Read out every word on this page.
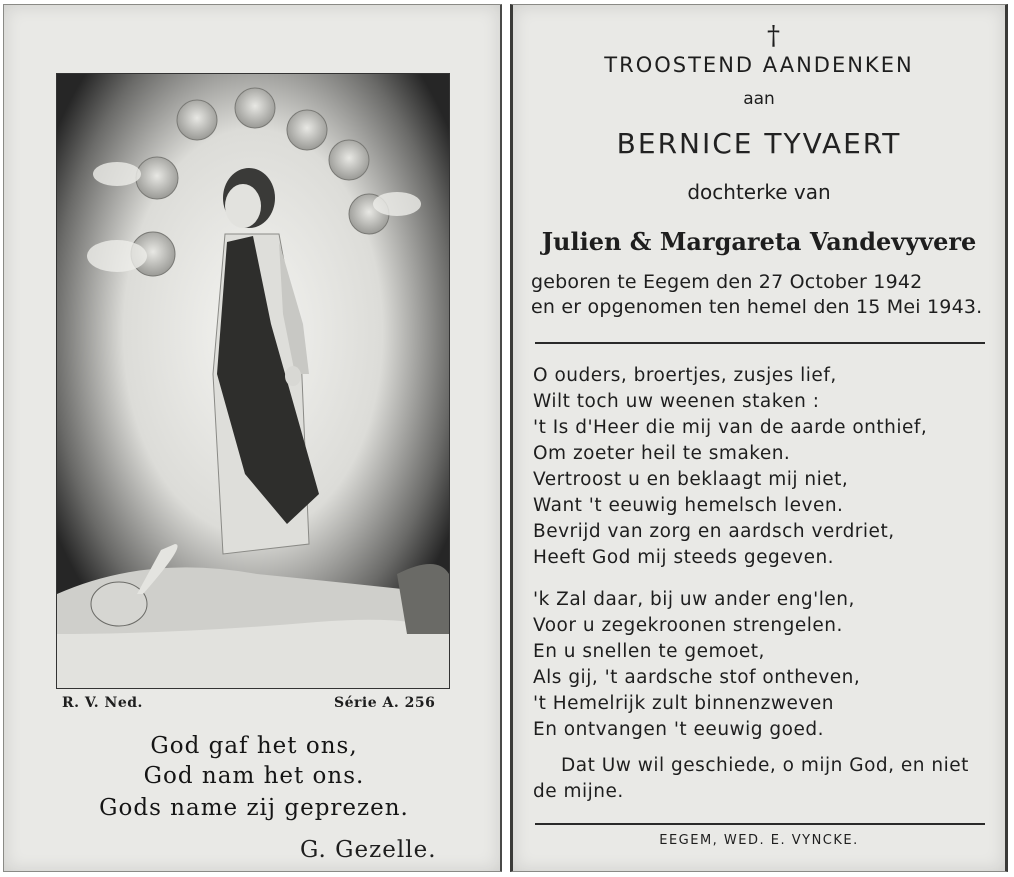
R. V. Ned.	Série A. 256
God gaf het ons,
God nam het ons.
Gods name zij geprezen.
G. Gezelle.
†
TROOSTEND AANDENKEN
aan
BERNICE TYVAERT
dochterke van
Julien & Margareta Vandevyvere
geboren te Eegem den 27 October 1942
en er opgenomen ten hemel den 15 Mei 1943.
O ouders, broertjes, zusjes lief,
Wilt toch uw weenen staken :
't Is d'Heer die mij van de aarde onthief,
Om zoeter heil te smaken.
Vertroost u en beklaagt mij niet,
Want 't eeuwig hemelsch leven.
Bevrijd van zorg en aardsch verdriet,
Heeft God mij steeds gegeven.
'k Zal daar, bij uw ander eng'len,
Voor u zegekroonen strengelen.
En u snellen te gemoet,
Als gij, 't aardsche stof ontheven,
't Hemelrijk zult binnenzweven
En ontvangen 't eeuwig goed.
Dat Uw wil geschiede, o mijn God, en niet de mijne.
EEGEM, WED. E. VYNCKE.
